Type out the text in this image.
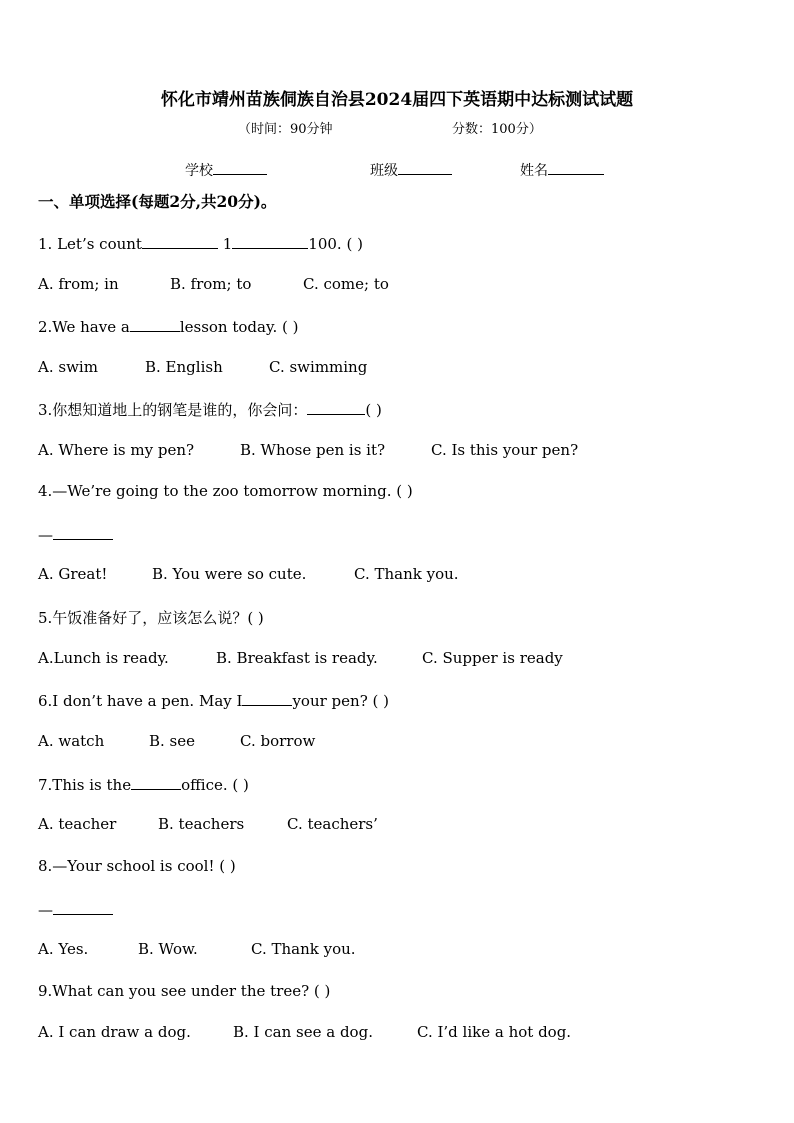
怀化市靖州苗族侗族自治县2024届四下英语期中达标测试试题
（时间：90分钟	分数：100分）
学校	班级	姓名
一、单项选择(每题2分,共20分)。
1. Let’s count	1	100. ( )
A. from; in	B. from; to	C. come; to
2.We have a	lesson today. ( )
A. swim	B. English	C. swimming
3.你想知道地上的钢笔是谁的，你会问：	( )
A. Where is my pen?	B. Whose pen is it?	C. Is this your pen?
4.—We’re going to the zoo tomorrow morning. ( )
—
A. Great!	B. You were so cute.	C. Thank you.
5.午饭准备好了，应该怎么说？( )
A.Lunch is ready.	B. Breakfast is ready.	C. Supper is ready
6.I don’t have a pen. May I	your pen? ( )
A. watch	B. see	C. borrow
7.This is the	office. ( )
A. teacher	B. teachers	C. teachers’
8.—Your school is cool! ( )
—
A. Yes.	B. Wow.	C. Thank you.
9.What can you see under the tree? ( )
A. I can draw a dog.	B. I can see a dog.	C. I’d like a hot dog.
